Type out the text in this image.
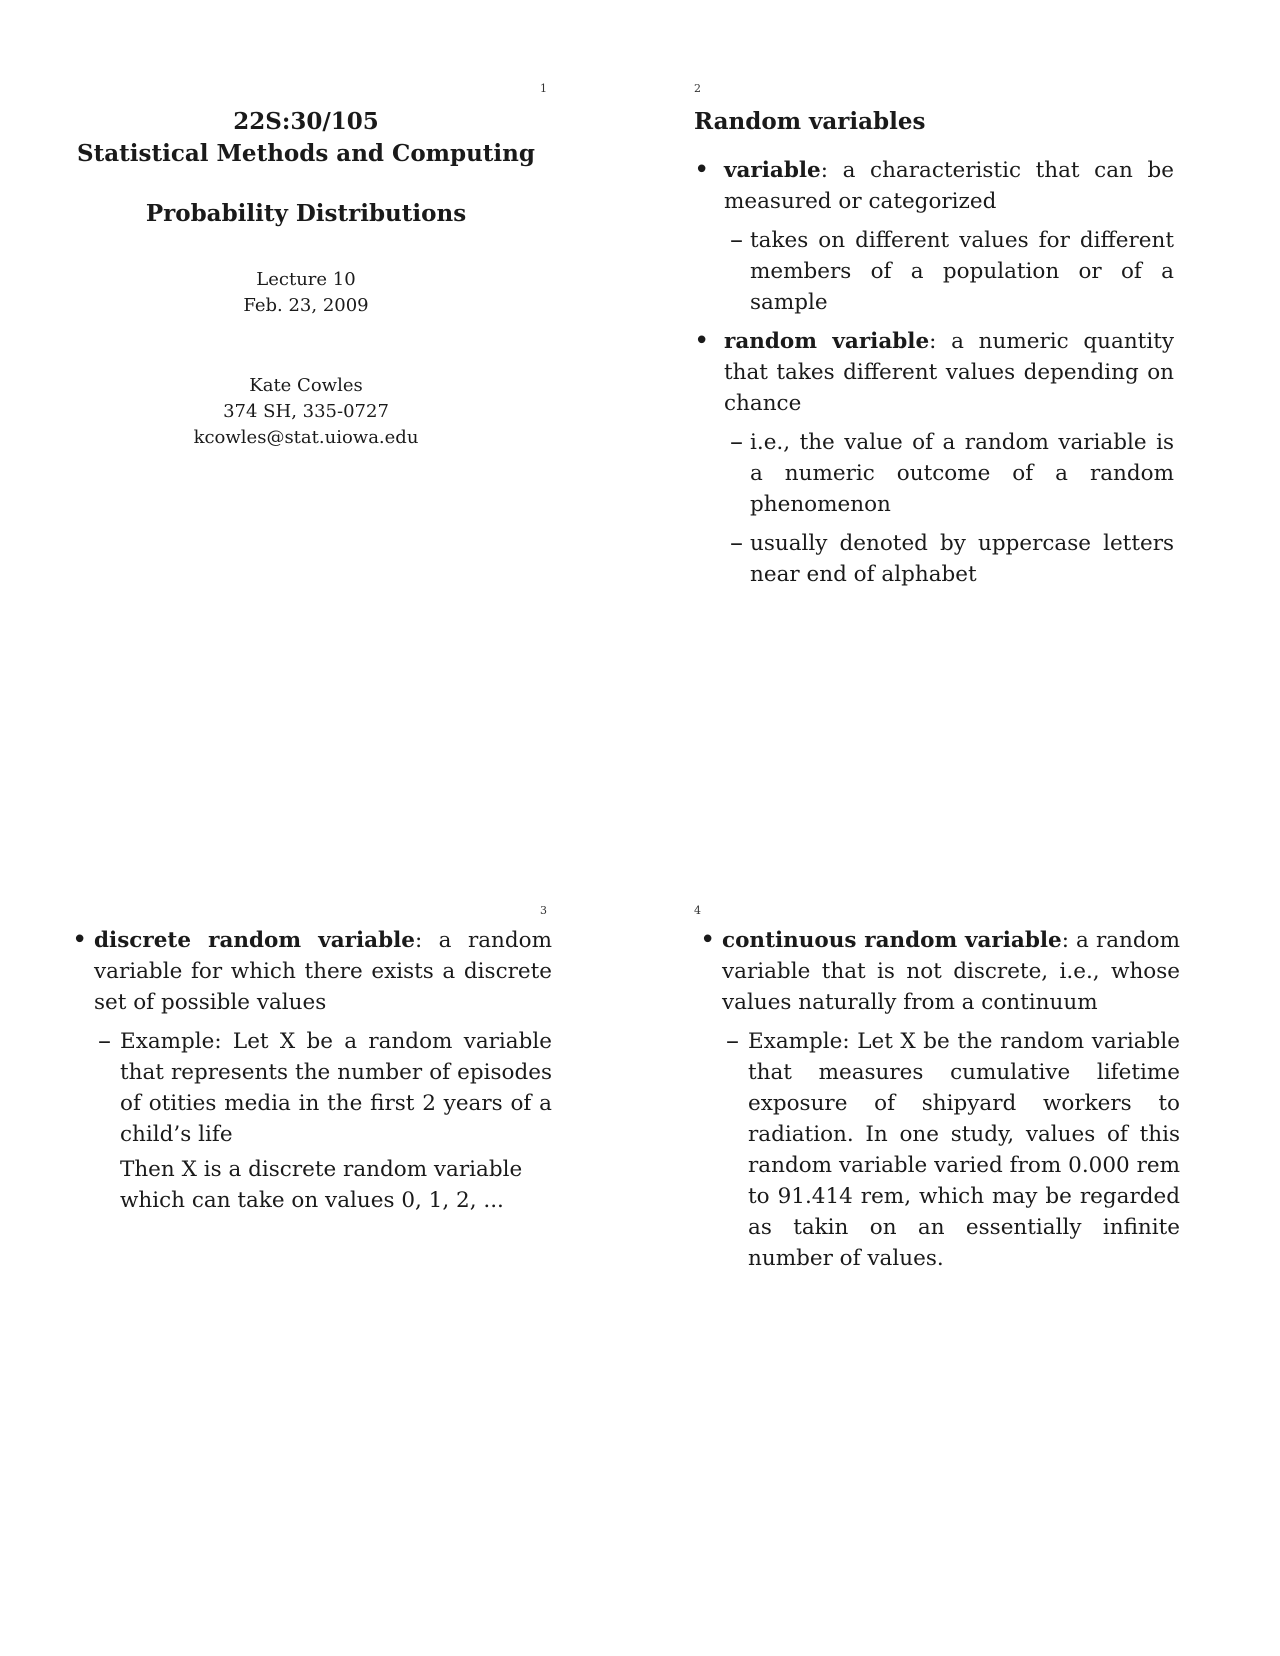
1
22S:30/105
Statistical Methods and Computing
Probability Distributions
Lecture 10
Feb. 23, 2009
Kate Cowles
374 SH, 335-0727
kcowles@stat.uiowa.edu
2
Random variables
• variable: a characteristic that can be measured or categorized
– takes on different values for different members of a population or of a sample
• random variable: a numeric quantity that takes different values depending on chance
– i.e., the value of a random variable is a numeric outcome of a random phenomenon
– usually denoted by uppercase letters near end of alphabet
3
• discrete random variable: a random variable for which there exists a discrete set of possible values
– Example: Let X be a random variable that represents the number of episodes of otities media in the first 2 years of a child’s life
Then X is a discrete random variable which can take on values 0, 1, 2, ...
4
• continuous random variable: a random variable that is not discrete, i.e., whose values naturally from a continuum
– Example: Let X be the random variable that measures cumulative lifetime exposure of shipyard workers to radiation. In one study, values of this random variable varied from 0.000 rem to 91.414 rem, which may be regarded as takin on an essentially infinite number of values.
